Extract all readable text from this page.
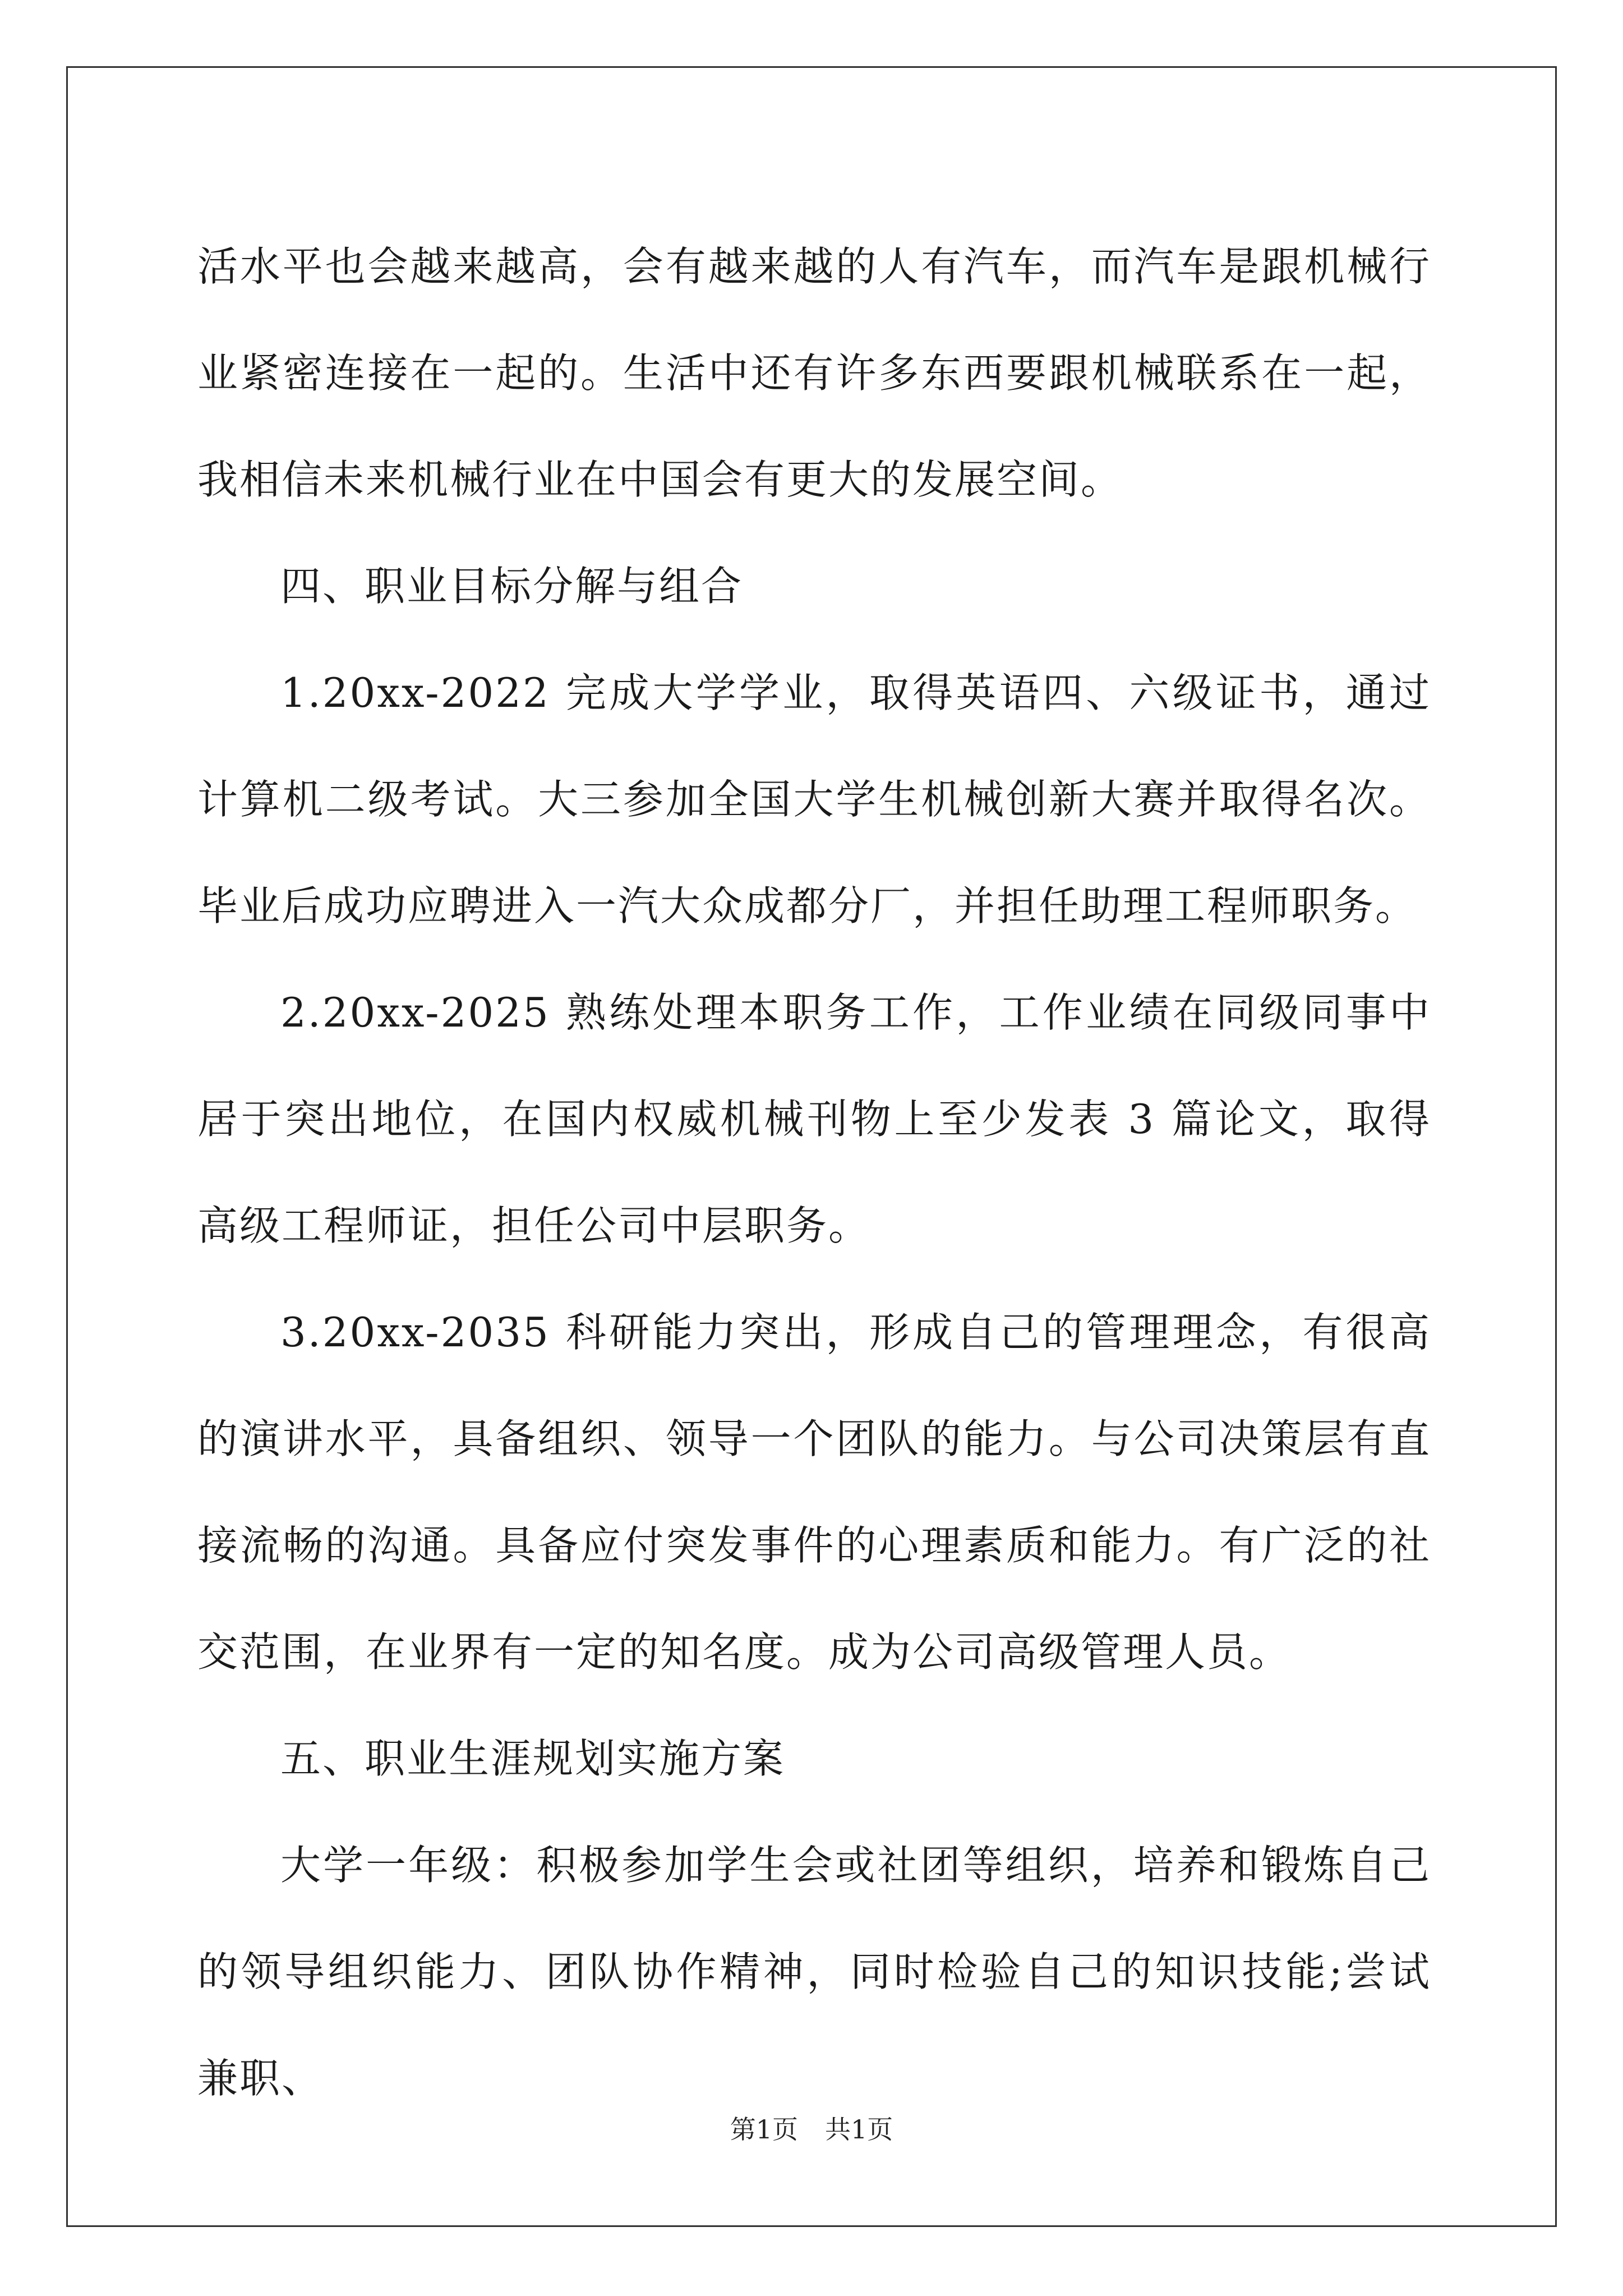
活水平也会越来越高，会有越来越的人有汽车，而汽车是跟机械行业紧密连接在一起的。生活中还有许多东西要跟机械联系在一起，我相信未来机械行业在中国会有更大的发展空间。

四、职业目标分解与组合

1.20xx-2022 完成大学学业，取得英语四、六级证书，通过计算机二级考试。大三参加全国大学生机械创新大赛并取得名次。毕业后成功应聘进入一汽大众成都分厂，并担任助理工程师职务。

2.20xx-2025 熟练处理本职务工作，工作业绩在同级同事中居于突出地位，在国内权威机械刊物上至少发表 3 篇论文，取得高级工程师证，担任公司中层职务。

3.20xx-2035 科研能力突出，形成自己的管理理念，有很高的演讲水平，具备组织、领导一个团队的能力。与公司决策层有直接流畅的沟通。具备应付突发事件的心理素质和能力。有广泛的社交范围，在业界有一定的知名度。成为公司高级管理人员。

五、职业生涯规划实施方案

大学一年级：积极参加学生会或社团等组织，培养和锻炼自己的领导组织能力、团队协作精神，同时检验自己的知识技能;尝试兼职、

第1页 共1页
